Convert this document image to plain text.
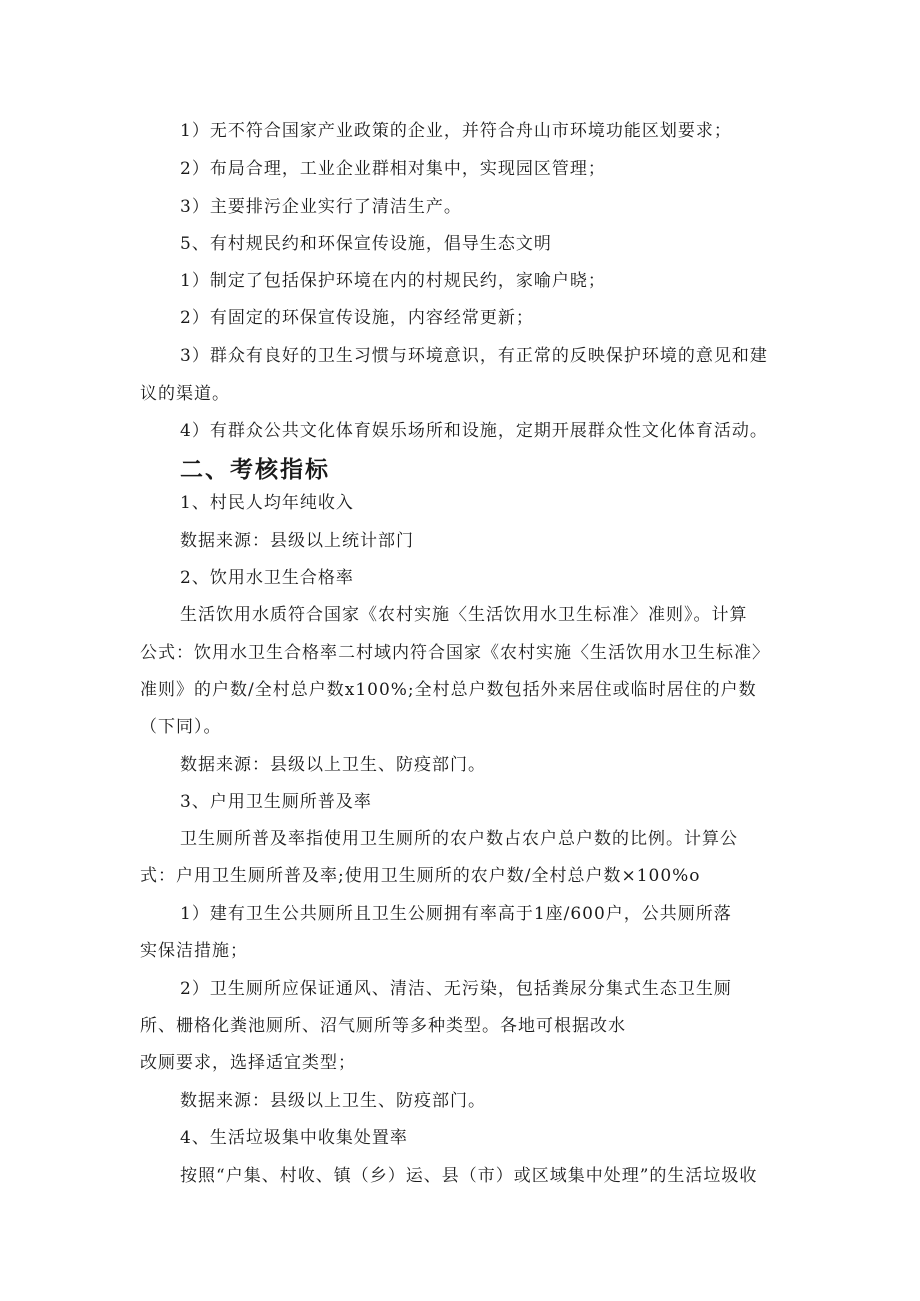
1）无不符合国家产业政策的企业，并符合舟山市环境功能区划要求；
2）布局合理，工业企业群相对集中，实现园区管理；
3）主要排污企业实行了清洁生产。
5、有村规民约和环保宣传设施，倡导生态文明
1）制定了包括保护环境在内的村规民约，家喻户晓；
2）有固定的环保宣传设施，内容经常更新；
3）群众有良好的卫生习惯与环境意识，有正常的反映保护环境的意见和建
议的渠道。
4）有群众公共文化体育娱乐场所和设施，定期开展群众性文化体育活动。
二、考核指标
1、村民人均年纯收入
数据来源：县级以上统计部门
2、饮用水卫生合格率
生活饮用水质符合国家《农村实施〈生活饮用水卫生标准〉准则》。计算
公式：饮用水卫生合格率二村域内符合国家《农村实施〈生活饮用水卫生标准〉
准则》的户数/全村总户数x100%;全村总户数包括外来居住或临时居住的户数
（下同）。
数据来源：县级以上卫生、防疫部门。
3、户用卫生厕所普及率
卫生厕所普及率指使用卫生厕所的农户数占农户总户数的比例。计算公
式：户用卫生厕所普及率;使用卫生厕所的农户数/全村总户数×100%o
1）建有卫生公共厕所且卫生公厕拥有率高于1座/600户，公共厕所落
实保洁措施；
2）卫生厕所应保证通风、清洁、无污染，包括粪尿分集式生态卫生厕
所、栅格化粪池厕所、沼气厕所等多种类型。各地可根据改水
改厕要求，选择适宜类型；
数据来源：县级以上卫生、防疫部门。
4、生活垃圾集中收集处置率
按照“户集、村收、镇（乡）运、县（市）或区域集中处理”的生活垃圾收
